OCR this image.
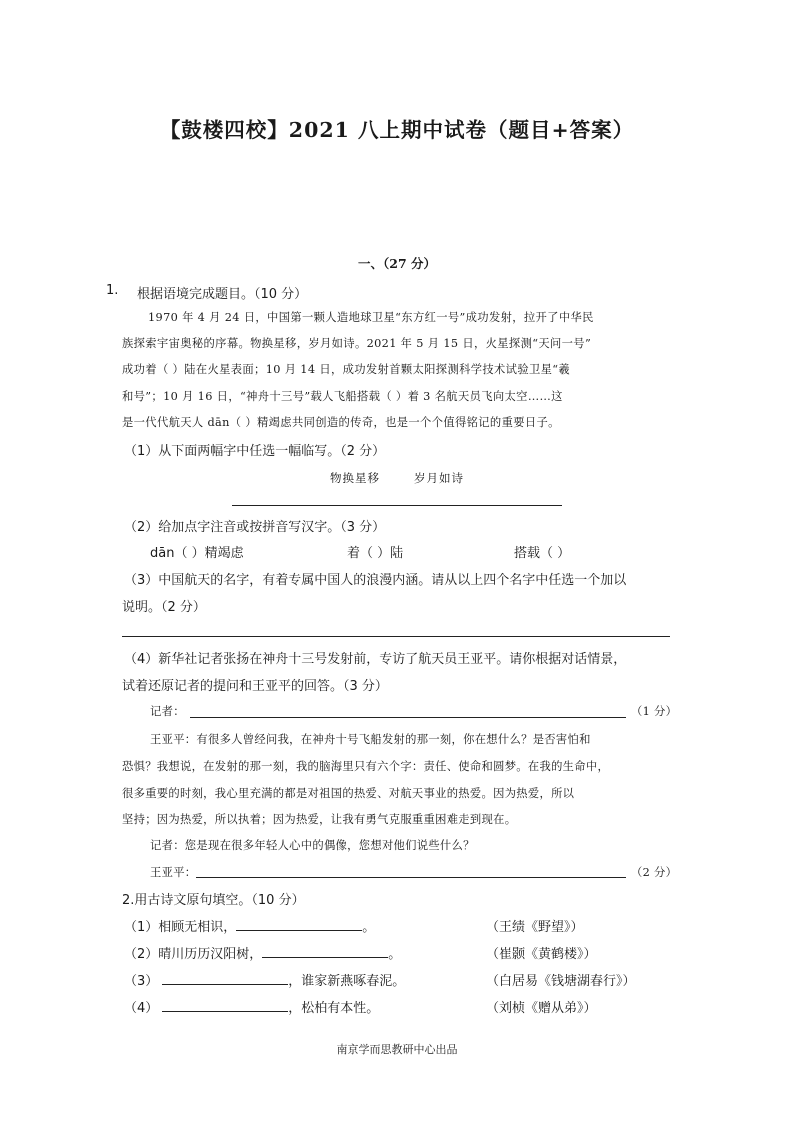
【鼓楼四校】2021 八上期中试卷（题目+答案）
一、（27 分）
1. 根据语境完成题目。（10 分）
1970 年 4 月 24 日，中国第一颗人造地球卫星“东方红一号”成功发射，拉开了中华民
族探索宇宙奥秘的序幕。物换星移，岁月如诗。2021 年 5 月 15 日，火星探测“天问一号”
成功着（ ）陆在火星表面；10 月 14 日，成功发射首颗太阳探测科学技术试验卫星“羲
和号”；10 月 16 日，“神舟十三号”载人飞船搭载（ ）着 3 名航天员飞向太空……这
是一代代航天人 dān（ ）精竭虑共同创造的传奇，也是一个个值得铭记的重要日子。
（1）从下面两幅字中任选一幅临写。（2 分）
物换星移	岁月如诗
（2）给加点字注音或按拼音写汉字。（3 分）
dān（ ）精竭虑	着（ ）陆	搭载（ ）
（3）中国航天的名字，有着专属中国人的浪漫内涵。请从以上四个名字中任选一个加以
说明。（2 分）
（4）新华社记者张扬在神舟十三号发射前，专访了航天员王亚平。请你根据对话情景，
试着还原记者的提问和王亚平的回答。（3 分）
记者：	（1 分）
王亚平：有很多人曾经问我，在神舟十号飞船发射的那一刻，你在想什么？是否害怕和
恐惧？我想说，在发射的那一刻，我的脑海里只有六个字：责任、使命和圆梦。在我的生命中，
很多重要的时刻，我心里充满的都是对祖国的热爱、对航天事业的热爱。因为热爱，所以
坚持；因为热爱，所以执着；因为热爱，让我有勇气克服重重困难走到现在。
记者：您是现在很多年轻人心中的偶像，您想对他们说些什么？
王亚平：	（2 分）
2.用古诗文原句填空。（10 分）
（1）相顾无相识，	。	（王绩《野望》）
（2）晴川历历汉阳树，	。	（崔颢《黄鹤楼》）
（3）	，谁家新燕啄春泥。	（白居易《钱塘湖春行》）
（4）	，松柏有本性。	（刘桢《赠从弟》）
南京学而思教研中心出品
